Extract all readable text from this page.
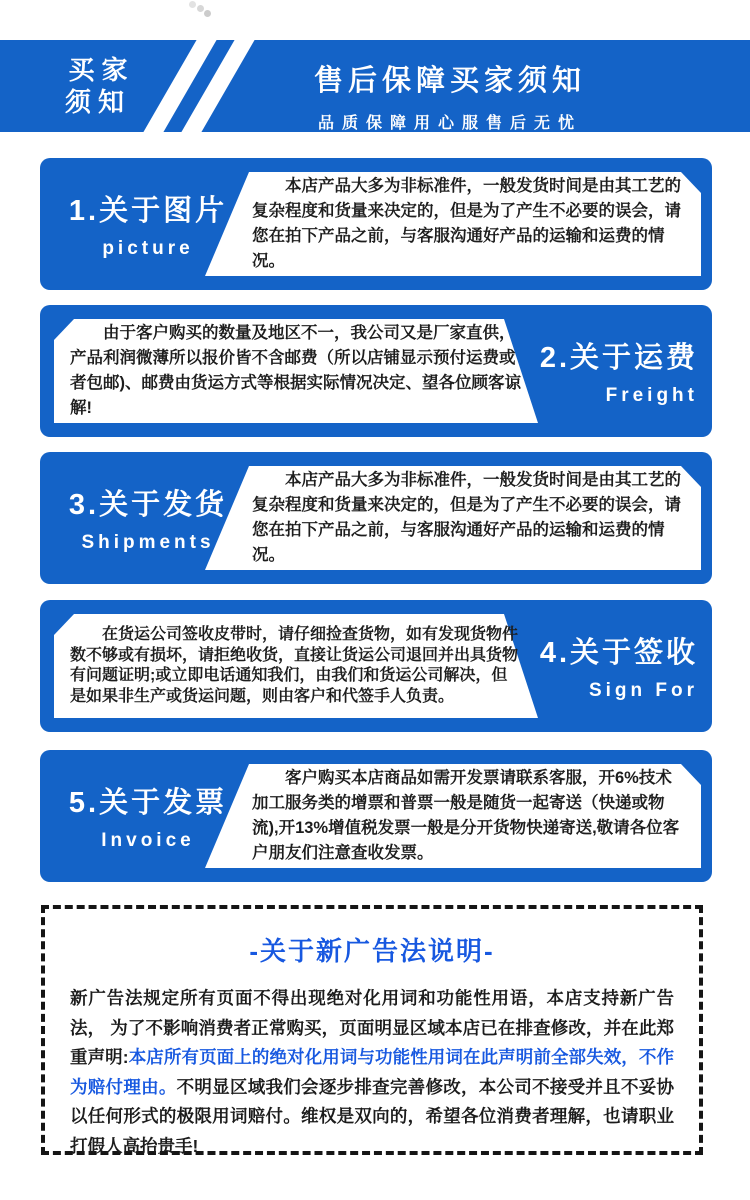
买家须知
售后保障买家须知
品质保障用心服售后无忧
1.关于图片
picture

本店产品大多为非标准件，一般发货时间是由其工艺的复杂程度和货量来决定的，但是为了产生不必要的误会，请您在拍下产品之前，与客服沟通好产品的运输和运费的情况。

2.关于运费
Freight

由于客户购买的数量及地区不一，我公司又是厂家直供，产品利润微薄所以报价皆不含邮费（所以店铺显示预付运费或者包邮)、邮费由货运方式等根据实际情况决定、望各位顾客谅解!

3.关于发货
Shipments

本店产品大多为非标准件，一般发货时间是由其工艺的复杂程度和货量来决定的，但是为了产生不必要的误会，请您在拍下产品之前，与客服沟通好产品的运输和运费的情况。

4.关于签收
Sign For

在货运公司签收皮带时，请仔细捡查货物，如有发现货物件数不够或有损坏，请拒绝收货，直接让货运公司退回并出具货物有问题证明;或立即电话通知我们，由我们和货运公司解决，但是如果非生产或货运问题，则由客户和代签手人负责。

5.关于发票
Invoice

客户购买本店商品如需开发票请联系客服，开6%技术加工服务类的增票和普票一般是随货一起寄送（快递或物流),开13%增值税发票一般是分开货物快递寄送,敬请各位客户朋友们注意查收发票。

-关于新广告法说明-

新广告法规定所有页面不得出现绝对化用词和功能性用语，本店支持新广告法， 为了不影响消费者正常购买，页面明显区域本店已在排查修改，并在此郑重声明:本店所有页面上的绝对化用词与功能性用词在此声明前全部失效，不作为赔付理由。不明显区域我们会逐步排查完善修改，本公司不接受并且不妥协以任何形式的极限用词赔付。维权是双向的，希望各位消费者理解，也请职业打假人高抬贵手!
